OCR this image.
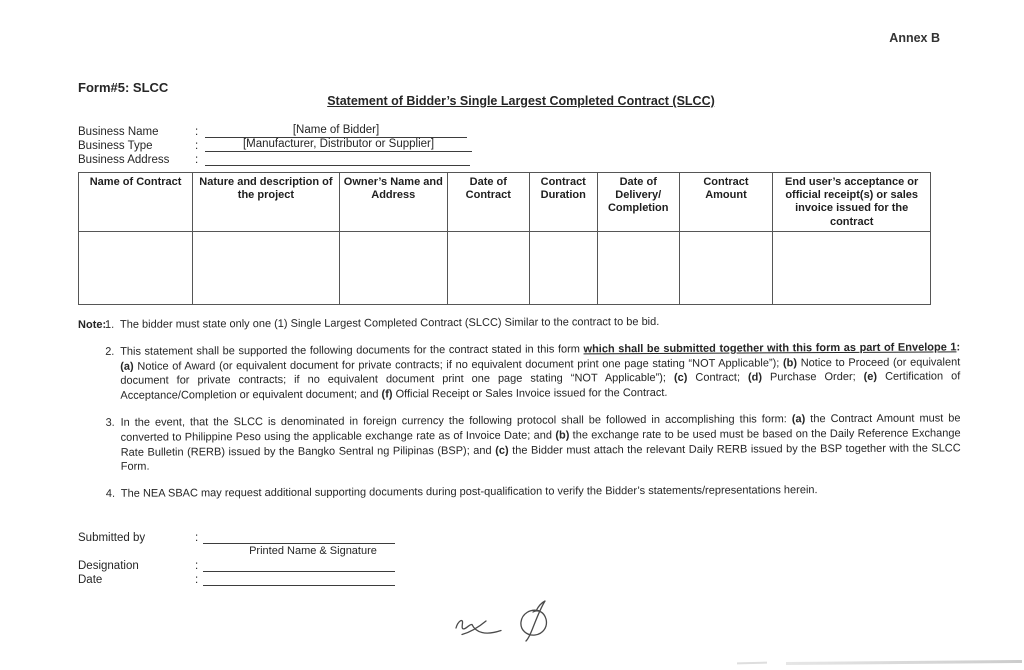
Annex B
Form#5: SLCC
Statement of Bidder’s Single Largest Completed Contract (SLCC)
Business Name	:	[Name of Bidder]
Business Type	:	[Manufacturer, Distributor or Supplier]
Business Address :
Name of Contract	Nature and description of the project	Owner’s Name and Address	Date of Contract	Contract Duration	Date of Delivery/ Completion	Contract Amount	End user’s acceptance or official receipt(s) or sales invoice issued for the contract

Note:
1. The bidder must state only one (1) Single Largest Completed Contract (SLCC) Similar to the contract to be bid.
2. This statement shall be supported the following documents for the contract stated in this form which shall be submitted together with this form as part of Envelope 1: (a) Notice of Award (or equivalent document for private contracts; if no equivalent document print one page stating “NOT Applicable”); (b) Notice to Proceed (or equivalent document for private contracts; if no equivalent document print one page stating “NOT Applicable”); (c) Contract; (d) Purchase Order; (e) Certification of Acceptance/Completion or equivalent document; and (f) Official Receipt or Sales Invoice issued for the Contract.
3. In the event, that the SLCC is denominated in foreign currency the following protocol shall be followed in accomplishing this form: (a) the Contract Amount must be converted to Philippine Peso using the applicable exchange rate as of Invoice Date; and (b) the exchange rate to be used must be based on the Daily Reference Exchange Rate Bulletin (RERB) issued by the Bangko Sentral ng Pilipinas (BSP); and (c) the Bidder must attach the relevant Daily RERB issued by the BSP together with the SLCC Form.
4. The NEA SBAC may request additional supporting documents during post-qualification to verify the Bidder’s statements/representations herein.
Submitted by	:
Printed Name & Signature
Designation	:
Date	:
